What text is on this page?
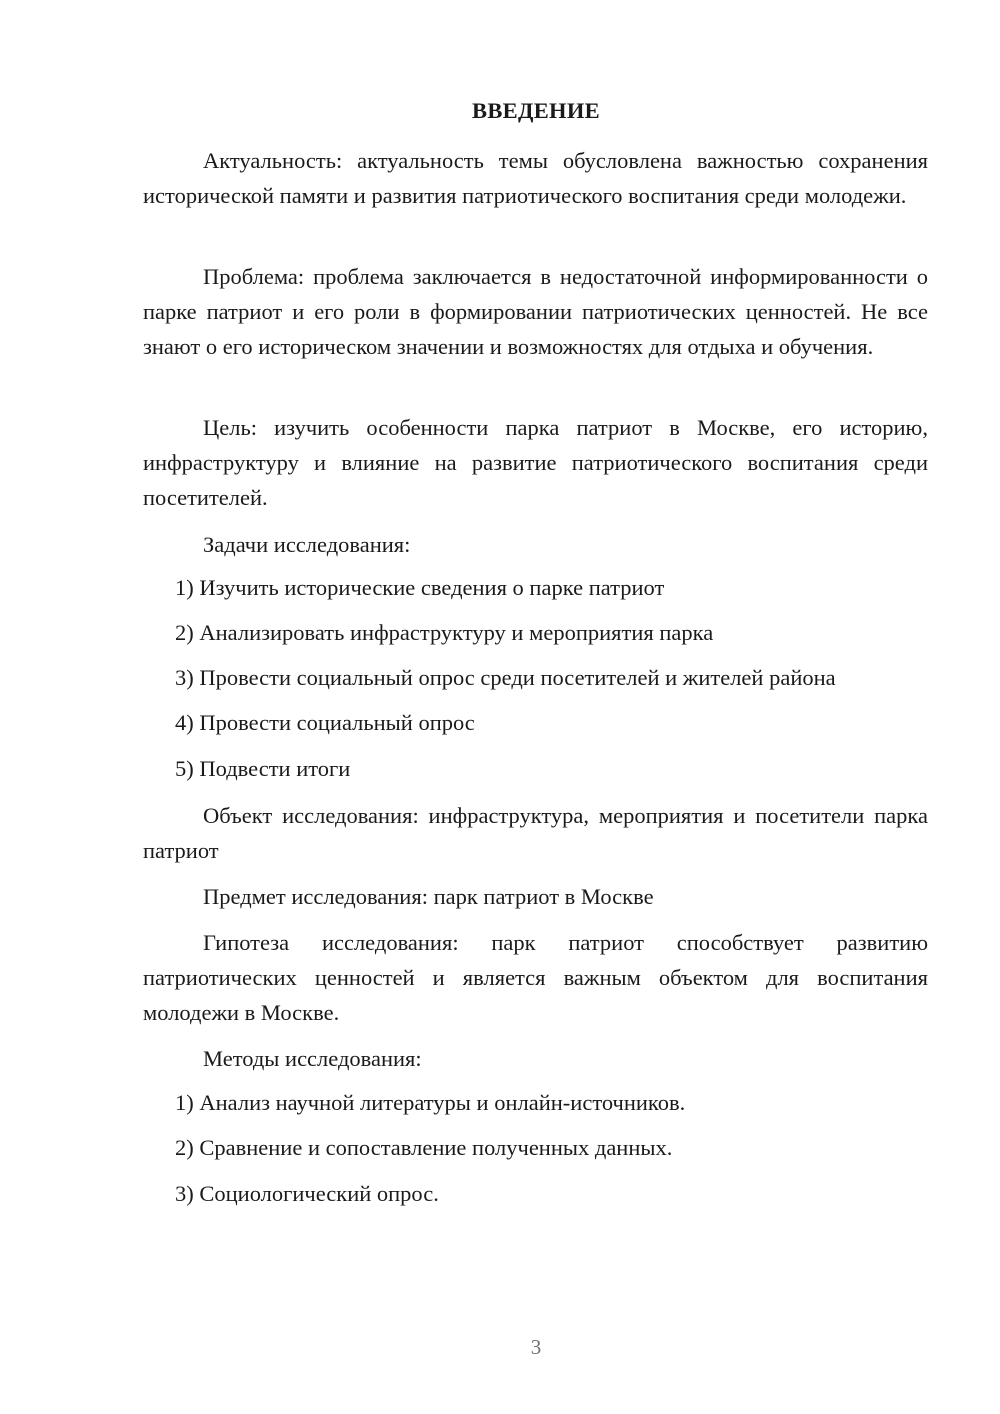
ВВЕДЕНИЕ

Актуальность: актуальность темы обусловлена важностью сохранения исторической памяти и развития патриотического воспитания среди молодежи.

Проблема: проблема заключается в недостаточной информированности о парке патриот и его роли в формировании патриотических ценностей. Не все знают о его историческом значении и возможностях для отдыха и обучения.

Цель: изучить особенности парка патриот в Москве, его историю, инфраструктуру и влияние на развитие патриотического воспитания среди посетителей.

Задачи исследования:

1) Изучить исторические сведения о парке патриот

2) Анализировать инфраструктуру и мероприятия парка

3) Провести социальный опрос среди посетителей и жителей района

4) Провести социальный опрос

5) Подвести итоги

Объект исследования: инфраструктура, мероприятия и посетители парка патриот

Предмет исследования: парк патриот в Москве

Гипотеза исследования: парк патриот способствует развитию патриотических ценностей и является важным объектом для воспитания молодежи в Москве.

Методы исследования:

1) Анализ научной литературы и онлайн-источников.

2) Сравнение и сопоставление полученных данных.

3) Социологический опрос.

3
